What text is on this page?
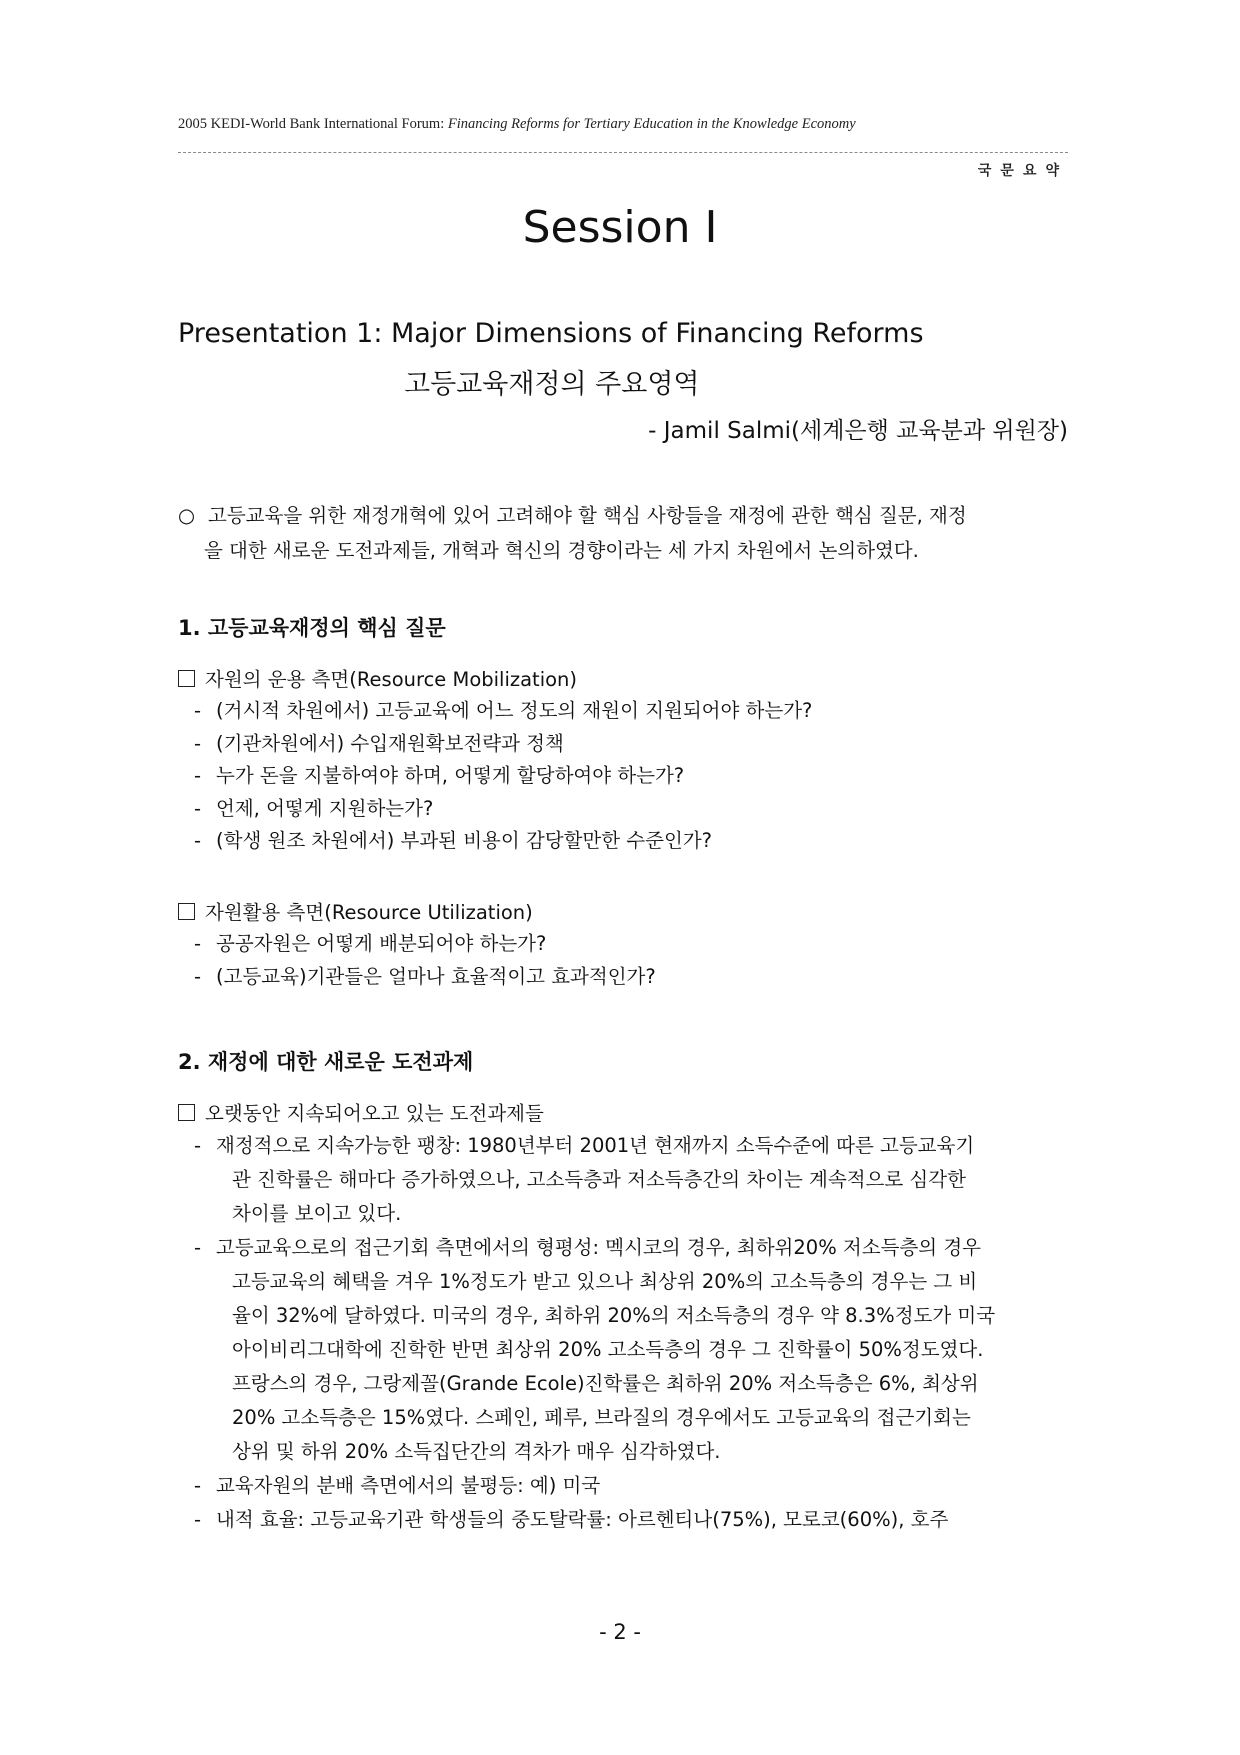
2005 KEDI-World Bank International Forum: Financing Reforms for Tertiary Education in the Knowledge Economy
국문요약
Session Ⅰ
Presentation 1: Major Dimensions of Financing Reforms
고등교육재정의 주요영역
- Jamil Salmi(세계은행 교육분과 위원장)
○ 고등교육을 위한 재정개혁에 있어 고려해야 할 핵심 사항들을 재정에 관한 핵심 질문, 재정
을 대한 새로운 도전과제들, 개혁과 혁신의 경향이라는 세 가지 차원에서 논의하였다.
1. 고등교육재정의 핵심 질문
자원의 운용 측면(Resource Mobilization)
- (거시적 차원에서) 고등교육에 어느 정도의 재원이 지원되어야 하는가?
- (기관차원에서) 수입재원확보전략과 정책
- 누가 돈을 지불하여야 하며, 어떻게 할당하여야 하는가?
- 언제, 어떻게 지원하는가?
- (학생 원조 차원에서) 부과된 비용이 감당할만한 수준인가?
자원활용 측면(Resource Utilization)
- 공공자원은 어떻게 배분되어야 하는가?
- (고등교육)기관들은 얼마나 효율적이고 효과적인가?
2. 재정에 대한 새로운 도전과제
오랫동안 지속되어오고 있는 도전과제들
- 재정적으로 지속가능한 팽창: 1980년부터 2001년 현재까지 소득수준에 따른 고등교육기
관 진학률은 해마다 증가하였으나, 고소득층과 저소득층간의 차이는 계속적으로 심각한
차이를 보이고 있다.
- 고등교육으로의 접근기회 측면에서의 형평성: 멕시코의 경우, 최하위20% 저소득층의 경우
고등교육의 혜택을 겨우 1%정도가 받고 있으나 최상위 20%의 고소득층의 경우는 그 비
율이 32%에 달하였다. 미국의 경우, 최하위 20%의 저소득층의 경우 약 8.3%정도가 미국
아이비리그대학에 진학한 반면 최상위 20% 고소득층의 경우 그 진학률이 50%정도였다.
프랑스의 경우, 그랑제꼴(Grande Ecole)진학률은 최하위 20% 저소득층은 6%, 최상위
20% 고소득층은 15%였다. 스페인, 페루, 브라질의 경우에서도 고등교육의 접근기회는
상위 및 하위 20% 소득집단간의 격차가 매우 심각하였다.
- 교육자원의 분배 측면에서의 불평등: 예) 미국
- 내적 효율: 고등교육기관 학생들의 중도탈락률: 아르헨티나(75%), 모로코(60%), 호주
- 2 -
